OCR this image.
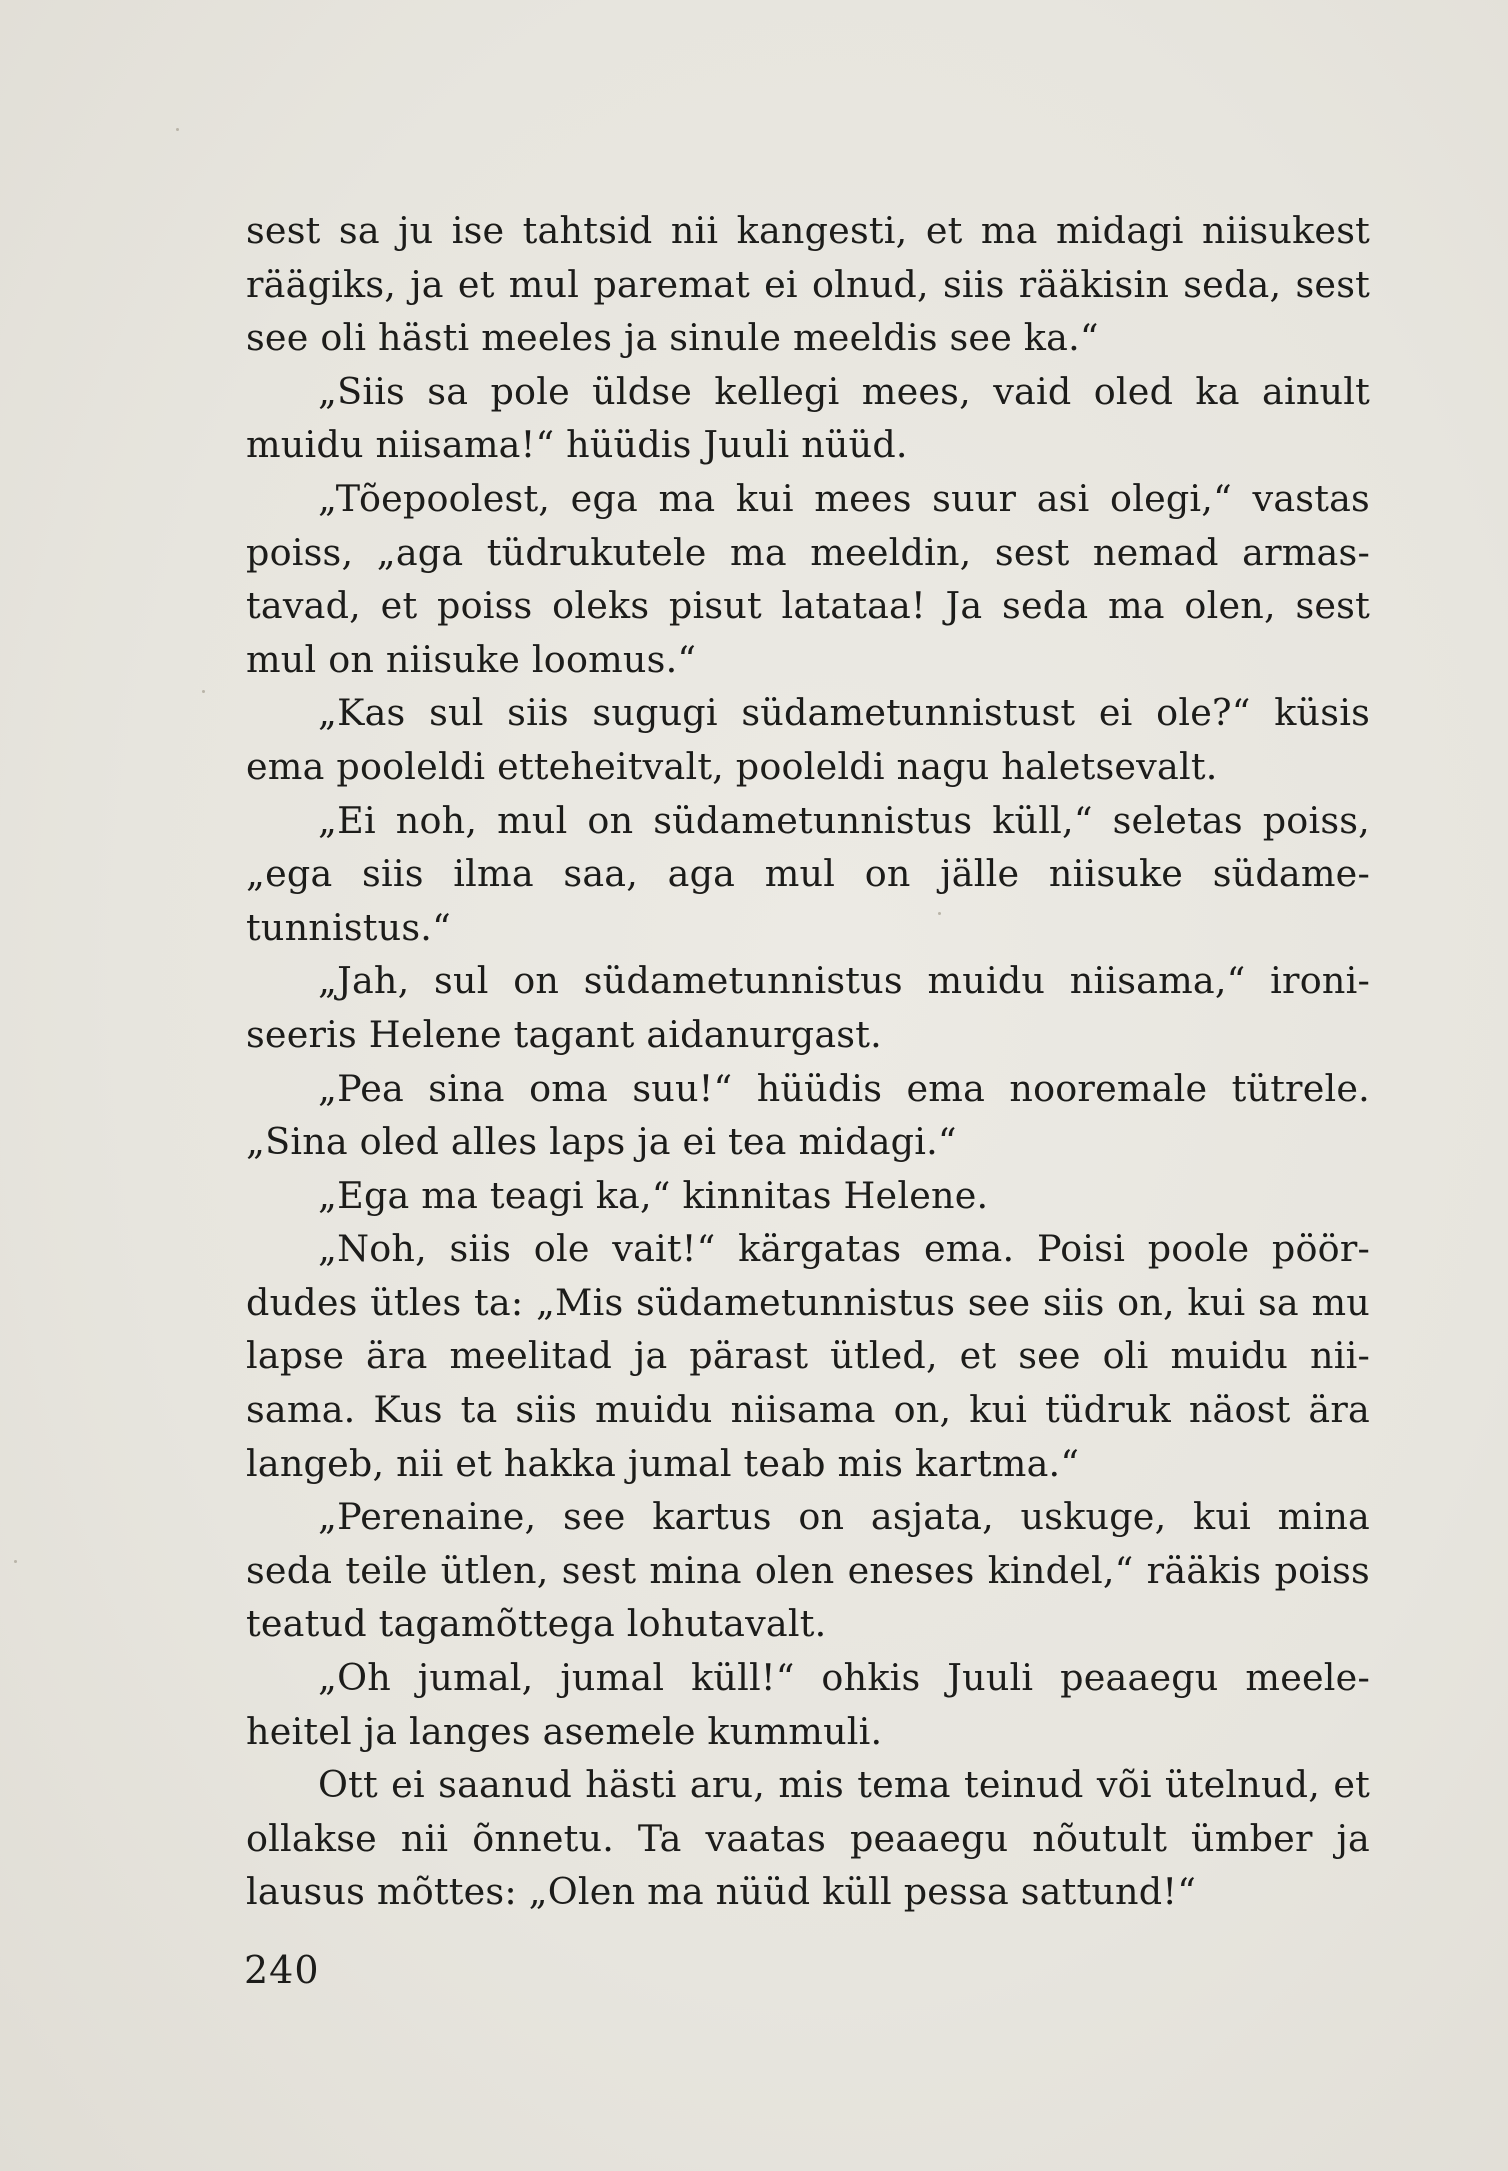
sest sa ju ise tahtsid nii kangesti, et ma midagi niisukest
räägiks, ja et mul paremat ei olnud, siis rääkisin seda, sest
see oli hästi meeles ja sinule meeldis see ka.“
„Siis sa pole üldse kellegi mees, vaid oled ka ainult
muidu niisama!“ hüüdis Juuli nüüd.
„Tõepoolest, ega ma kui mees suur asi olegi,“ vastas
poiss, „aga tüdrukutele ma meeldin, sest nemad armas-
tavad, et poiss oleks pisut latataa! Ja seda ma olen, sest
mul on niisuke loomus.“
„Kas sul siis sugugi südametunnistust ei ole?“ küsis
ema pooleldi etteheitvalt, pooleldi nagu haletsevalt.
„Ei noh, mul on südametunnistus küll,“ seletas poiss,
„ega siis ilma saa, aga mul on jälle niisuke südame-
tunnistus.“
„Jah, sul on südametunnistus muidu niisama,“ ironi-
seeris Helene tagant aidanurgast.
„Pea sina oma suu!“ hüüdis ema nooremale tütrele.
„Sina oled alles laps ja ei tea midagi.“
„Ega ma teagi ka,“ kinnitas Helene.
„Noh, siis ole vait!“ kärgatas ema. Poisi poole pöör-
dudes ütles ta: „Mis südametunnistus see siis on, kui sa mu
lapse ära meelitad ja pärast ütled, et see oli muidu nii-
sama. Kus ta siis muidu niisama on, kui tüdruk näost ära
langeb, nii et hakka jumal teab mis kartma.“
„Perenaine, see kartus on asjata, uskuge, kui mina
seda teile ütlen, sest mina olen eneses kindel,“ rääkis poiss
teatud tagamõttega lohutavalt.
„Oh jumal, jumal küll!“ ohkis Juuli peaaegu meele-
heitel ja langes asemele kummuli.
Ott ei saanud hästi aru, mis tema teinud või ütelnud, et
ollakse nii õnnetu. Ta vaatas peaaegu nõutult ümber ja
lausus mõttes: „Olen ma nüüd küll pessa sattund!“
240
